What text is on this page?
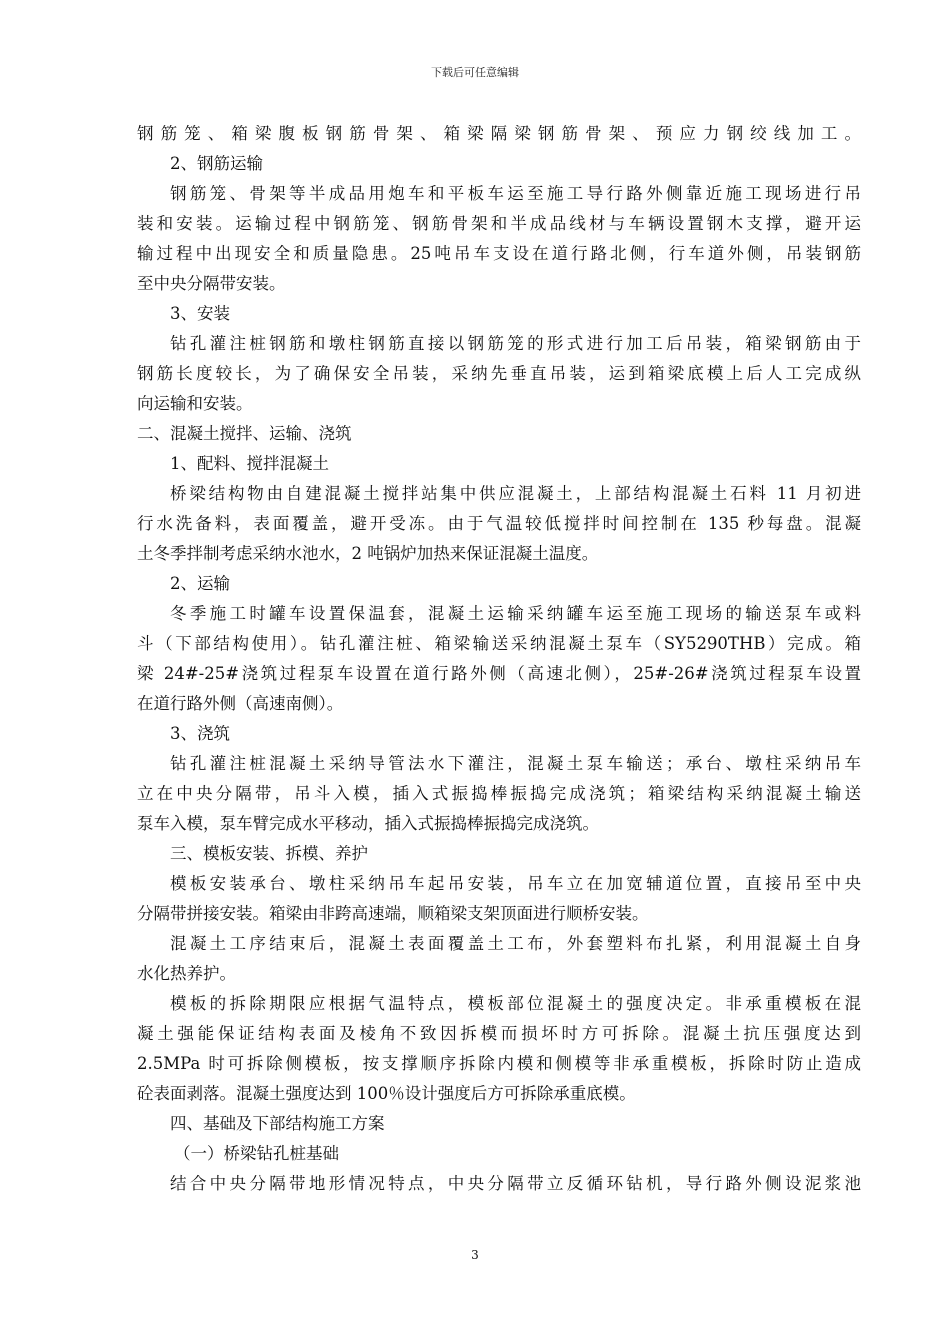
下载后可任意编辑
钢筋笼、箱梁腹板钢筋骨架、箱梁隔梁钢筋骨架、预应力钢绞线加工。
2、钢筋运输
钢筋笼、骨架等半成品用炮车和平板车运至施工导行路外侧靠近施工现场进行吊
装和安装。运输过程中钢筋笼、钢筋骨架和半成品线材与车辆设置钢木支撑，避开运
输过程中出现安全和质量隐患。25吨吊车支设在道行路北侧，行车道外侧，吊装钢筋
至中央分隔带安装。
3、安装
钻孔灌注桩钢筋和墩柱钢筋直接以钢筋笼的形式进行加工后吊装，箱梁钢筋由于
钢筋长度较长，为了确保安全吊装，采纳先垂直吊装，运到箱梁底模上后人工完成纵
向运输和安装。
二、混凝土搅拌、运输、浇筑
1、配料、搅拌混凝土
桥梁结构物由自建混凝土搅拌站集中供应混凝土，上部结构混凝土石料 11 月初进
行水洗备料，表面覆盖，避开受冻。由于气温较低搅拌时间控制在 135 秒每盘。混凝
土冬季拌制考虑采纳水池水，2 吨锅炉加热来保证混凝土温度。
2、运输
冬季施工时罐车设置保温套，混凝土运输采纳罐车运至施工现场的输送泵车或料
斗（下部结构使用）。钻孔灌注桩、箱梁输送采纳混凝土泵车（SY5290THB）完成。箱
梁 24#-25#浇筑过程泵车设置在道行路外侧（高速北侧），25#-26#浇筑过程泵车设置
在道行路外侧（高速南侧）。
3、浇筑
钻孔灌注桩混凝土采纳导管法水下灌注，混凝土泵车输送；承台、墩柱采纳吊车
立在中央分隔带，吊斗入模，插入式振捣棒振捣完成浇筑；箱梁结构采纳混凝土输送
泵车入模，泵车臂完成水平移动，插入式振捣棒振捣完成浇筑。
三、模板安装、拆模、养护
模板安装承台、墩柱采纳吊车起吊安装，吊车立在加宽辅道位置，直接吊至中央
分隔带拼接安装。箱梁由非跨高速端，顺箱梁支架顶面进行顺桥安装。
混凝土工序结束后，混凝土表面覆盖土工布，外套塑料布扎紧，利用混凝土自身
水化热养护。
模板的拆除期限应根据气温特点，模板部位混凝土的强度决定。非承重模板在混
凝土强能保证结构表面及棱角不致因拆模而损坏时方可拆除。混凝土抗压强度达到
2.5MPa 时可拆除侧模板，按支撑顺序拆除内模和侧模等非承重模板，拆除时防止造成
砼表面剥落。混凝土强度达到 100％设计强度后方可拆除承重底模。
四、基础及下部结构施工方案
（一）桥梁钻孔桩基础
结合中央分隔带地形情况特点，中央分隔带立反循环钻机，导行路外侧设泥浆池
3
